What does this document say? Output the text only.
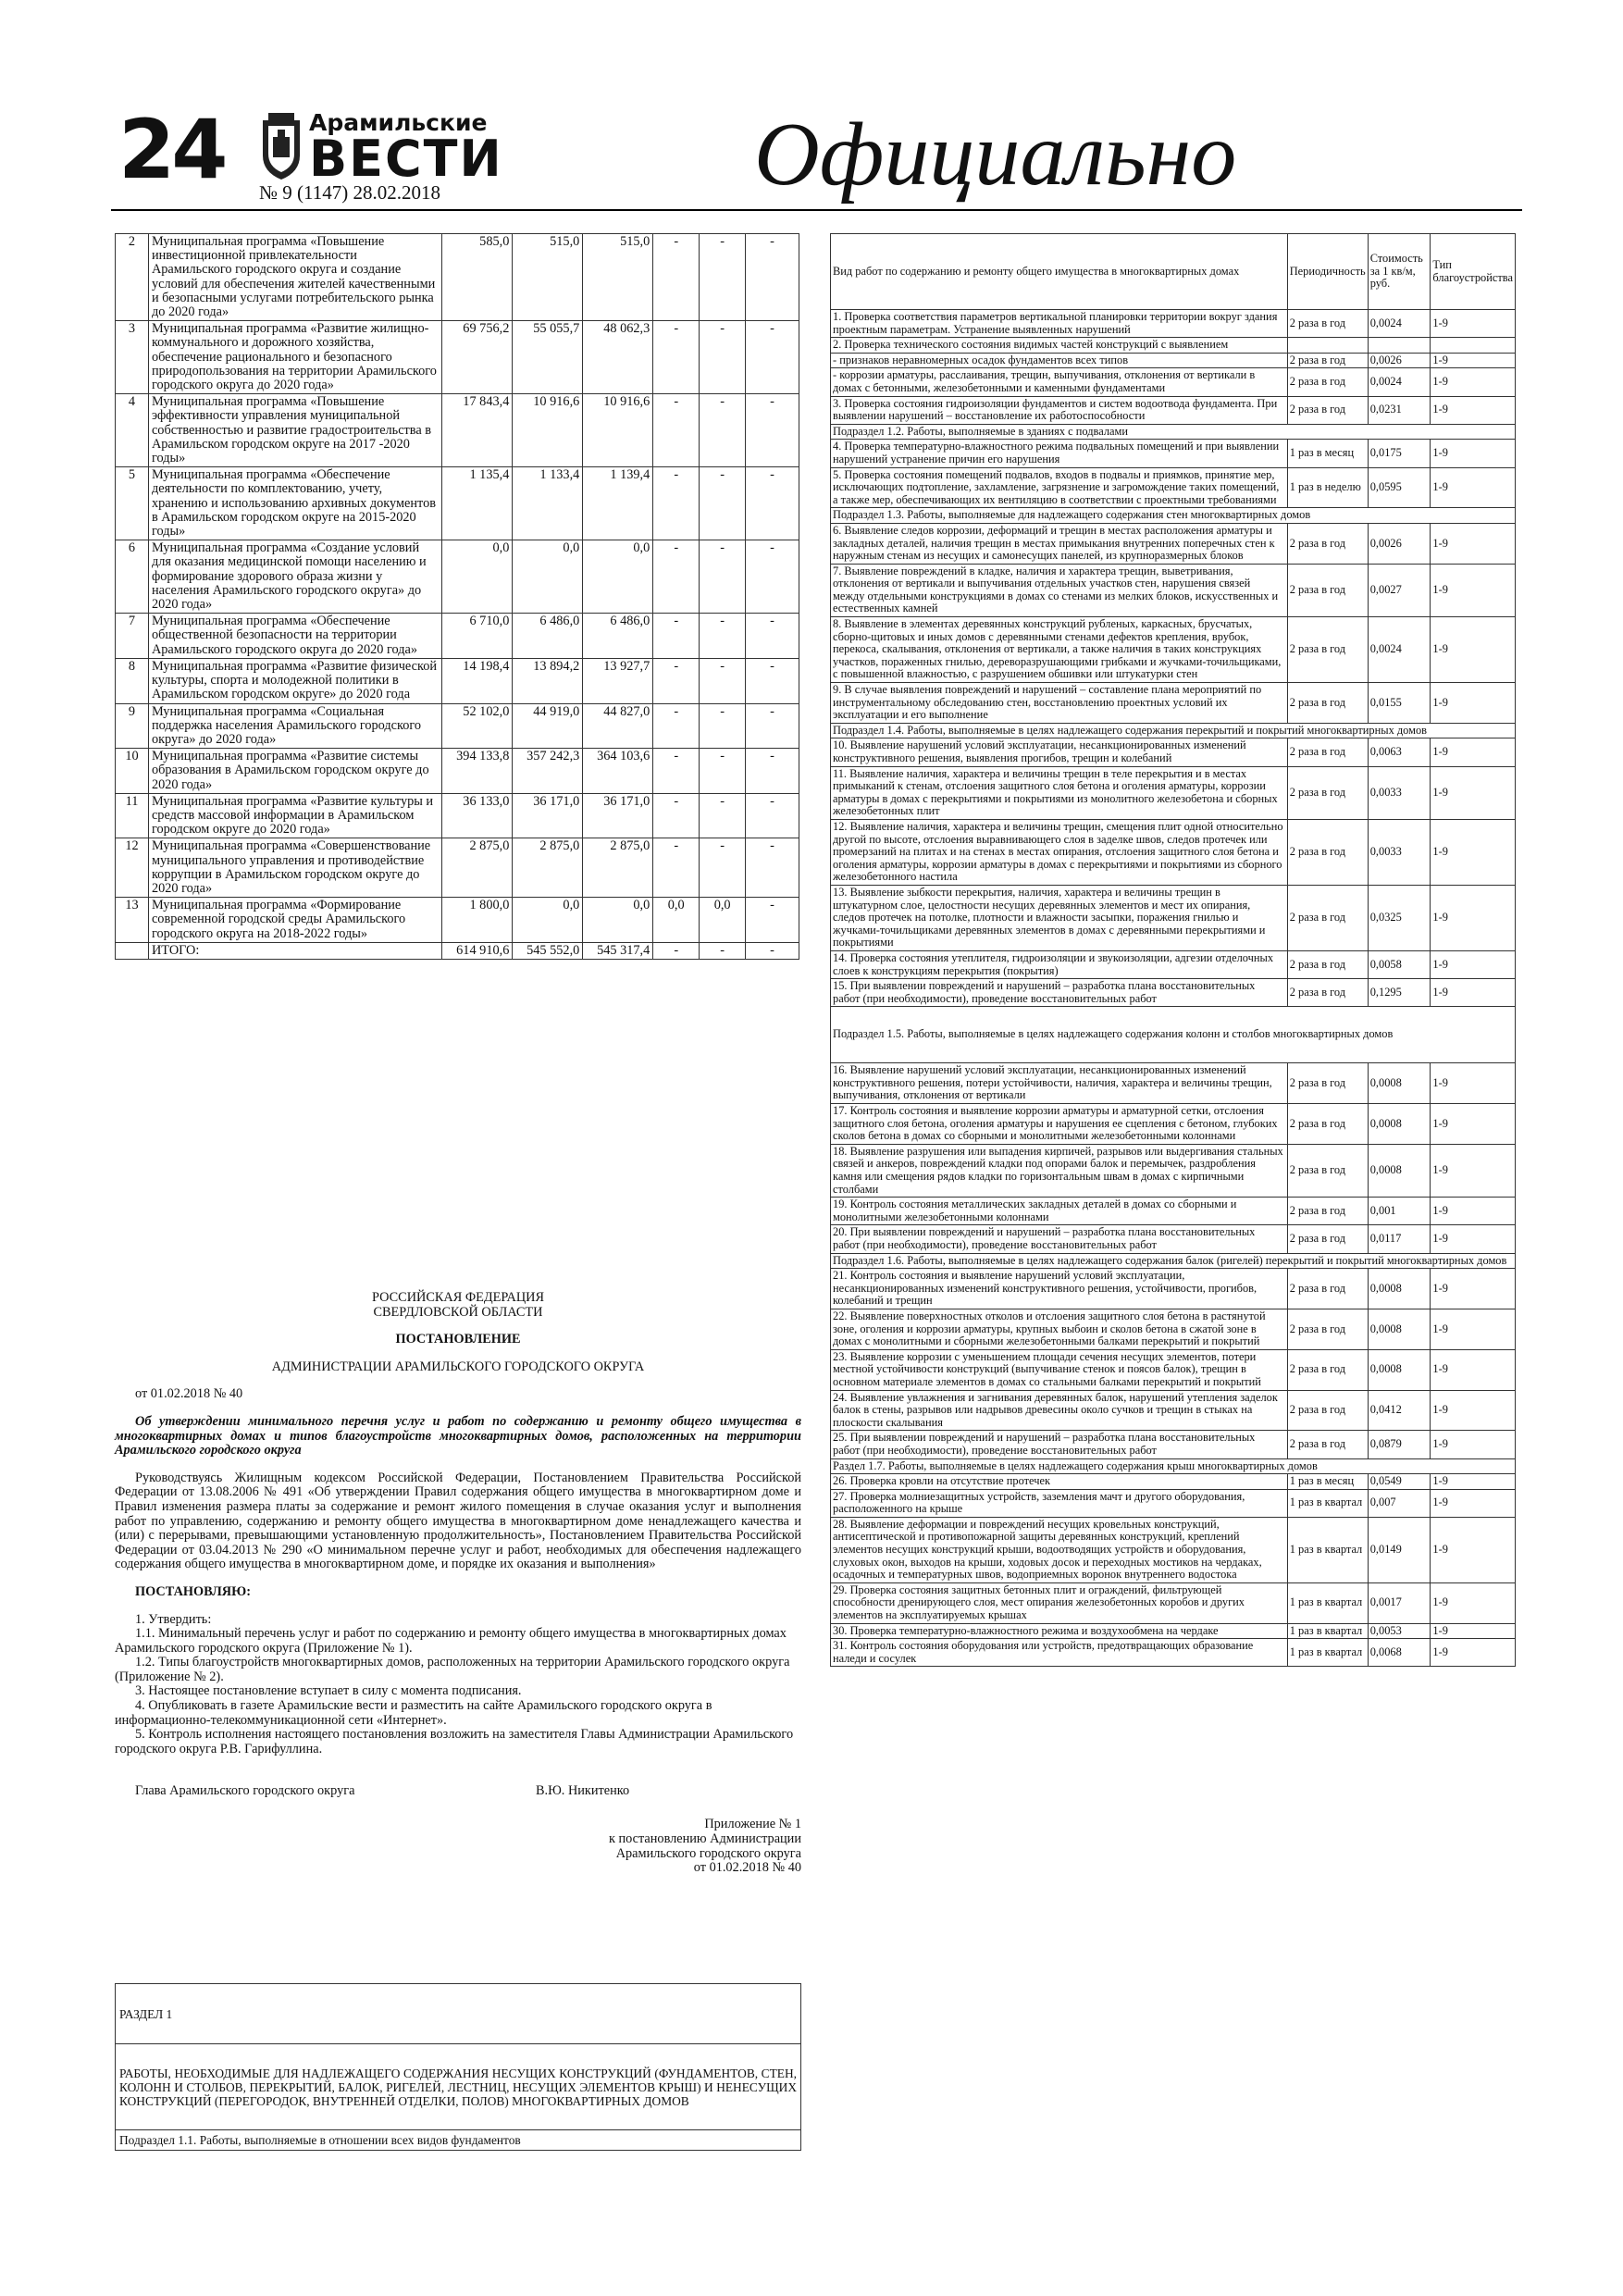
24	Арамильские
ВЕСТИ
№ 9 (1147) 28.02.2018	Официально
2	Муниципальная программа «Повышение инвестиционной привлекательности Арамильского городского округа и создание условий для обеспечения жителей качественными и безопасными услугами потребительского рынка до 2020 года»	585,0	515,0	515,0	-	-	-
3	Муниципальная программа «Развитие жилищно-коммунального и дорожного хозяйства, обеспечение рационального и безопасного природопользования на территории Арамильского городского округа до 2020 года»	69 756,2	55 055,7	48 062,3	-	-	-
4	Муниципальная программа «Повышение эффективности управления муниципальной собственностью и развитие градостроительства в Арамильском городском округе на 2017 -2020 годы»	17 843,4	10 916,6	10 916,6	-	-	-
5	Муниципальная программа «Обеспечение деятельности по комплектованию, учету, хранению и использованию архивных документов в Арамильском городском округе на 2015-2020 годы»	1 135,4	1 133,4	1 139,4	-	-	-
6	Муниципальная программа «Создание условий для оказания медицинской помощи населению и формирование здорового образа жизни у населения Арамильского городского округа» до 2020 года»	0,0	0,0	0,0	-	-	-
7	Муниципальная программа «Обеспечение общественной безопасности на территории Арамильского городского округа до 2020 года»	6 710,0	6 486,0	6 486,0	-	-	-
8	Муниципальная программа «Развитие физической культуры, спорта и молодежной политики в Арамильском городском округе» до 2020 года	14 198,4	13 894,2	13 927,7	-	-	-
9	Муниципальная программа «Социальная поддержка населения Арамильского городского округа» до 2020 года»	52 102,0	44 919,0	44 827,0	-	-	-
10	Муниципальная программа «Развитие системы образования в Арамильском городском округе до 2020 года»	394 133,8	357 242,3	364 103,6	-	-	-
11	Муниципальная программа «Развитие культуры и средств массовой информации в Арамильском городском округе до 2020 года»	36 133,0	36 171,0	36 171,0	-	-	-
12	Муниципальная программа «Совершенствование муниципального управления и противодействие коррупции в Арамильском городском округе до 2020 года»	2 875,0	2 875,0	2 875,0	-	-	-
13	Муниципальная программа «Формирование современной городской среды Арамильского городского округа на 2018-2022 годы»	1 800,0	0,0	0,0	0,0	0,0	-
	ИТОГО:	614 910,6	545 552,0	545 317,4	-	-	-

РОССИЙСКАЯ ФЕДЕРАЦИЯ

СВЕРДЛОВСКОЙ ОБЛАСТИ

ПОСТАНОВЛЕНИЕ

АДМИНИСТРАЦИИ АРАМИЛЬСКОГО ГОРОДСКОГО ОКРУГА

от 01.02.2018 № 40

Об утверждении минимального перечня услуг и работ по содержанию и ремонту общего имущества в многоквартирных домах и типов благоустройств многоквартирных домов, расположенных на территории Арамильского городского округа

Руководствуясь Жилищным кодексом Российской Федерации, Постановлением Правительства Российской Федерации от 13.08.2006 № 491 «Об утверждении Правил содержания общего имущества в многоквартирном доме и Правил изменения размера платы за содержание и ремонт жилого помещения в случае оказания услуг и выполнения работ по управлению, содержанию и ремонту общего имущества в многоквартирном доме ненадлежащего качества и (или) с перерывами, превышающими установленную продолжительность», Постановлением Правительства Российской Федерации от 03.04.2013 № 290 «О минимальном перечне услуг и работ, необходимых для обеспечения надлежащего содержания общего имущества в многоквартирном доме, и порядке их оказания и выполнения»

ПОСТАНОВЛЯЮ:

1. Утвердить:

1.1. Минимальный перечень услуг и работ по содержанию и ремонту общего имущества в многоквартирных домах Арамильского городского округа (Приложение № 1).

1.2. Типы благоустройств многоквартирных домов, расположенных на территории Арамильского городского округа (Приложение № 2).

3. Настоящее постановление вступает в силу с момента подписания.

4. Опубликовать в газете Арамильские вести и разместить на сайте Арамильского городского округа в информационно-телекоммуникационной сети «Интернет».

5. Контроль исполнения настоящего постановления возложить на заместителя Главы Администрации Арамильского городского округа Р.В. Гарифуллина.

Глава Арамильского городского округа	В.Ю. Никитенко

Приложение № 1

к постановлению Администрации

Арамильского городского округа

от 01.02.2018 № 40

РАЗДЕЛ 1
РАБОТЫ, НЕОБХОДИМЫЕ ДЛЯ НАДЛЕЖАЩЕГО СОДЕРЖАНИЯ НЕСУЩИХ КОНСТРУКЦИЙ (ФУНДАМЕНТОВ, СТЕН, КОЛОНН И СТОЛБОВ, ПЕРЕКРЫТИЙ, БАЛОК, РИГЕЛЕЙ, ЛЕСТНИЦ, НЕСУЩИХ ЭЛЕМЕНТОВ КРЫШ) И НЕНЕСУЩИХ КОНСТРУКЦИЙ (ПЕРЕГОРОДОК, ВНУТРЕННЕЙ ОТДЕЛКИ, ПОЛОВ) МНОГОКВАРТИРНЫХ ДОМОВ
Подраздел 1.1. Работы, выполняемые в отношении всех видов фундаментов
Вид работ по содержанию и ремонту общего имущества в многоквартирных домах	Периодичность	Стоимость за 1 кв/м, руб.	Тип благоустройства
1. Проверка соответствия параметров вертикальной планировки территории вокруг здания проектным параметрам. Устранение выявленных нарушений	2 раза в год	0,0024	1-9
2. Проверка технического состояния видимых частей конструкций с выявлением			
- признаков неравномерных осадок фундаментов всех типов	2 раза в год	0,0026	1-9
- коррозии арматуры, расслаивания, трещин, выпучивания, отклонения от вертикали в домах с бетонными, железобетонными и каменными фундаментами	2 раза в год	0,0024	1-9
3. Проверка состояния гидроизоляции фундаментов и систем водоотвода фундамента. При выявлении нарушений – восстановление их работоспособности	2 раза в год	0,0231	1-9
Подраздел 1.2. Работы, выполняемые в зданиях с подвалами			
4. Проверка температурно-влажностного режима подвальных помещений и при выявлении нарушений устранение причин его нарушения	1 раз в месяц	0,0175	1-9
5. Проверка состояния помещений подвалов, входов в подвалы и приямков, принятие мер, исключающих подтопление, захламление, загрязнение и загромождение таких помещений, а также мер, обеспечивающих их вентиляцию в соответствии с проектными требованиями	1 раз в неделю	0,0595	1-9
Подраздел 1.3. Работы, выполняемые для надлежащего содержания стен многоквартирных домов			
6. Выявление следов коррозии, деформаций и трещин в местах расположения арматуры и закладных деталей, наличия трещин в местах примыкания внутренних поперечных стен к наружным стенам из несущих и самонесущих панелей, из крупноразмерных блоков	2 раза в год	0,0026	1-9
7. Выявление повреждений в кладке, наличия и характера трещин, выветривания, отклонения от вертикали и выпучивания отдельных участков стен, нарушения связей между отдельными конструкциями в домах со стенами из мелких блоков, искусственных и естественных камней	2 раза в год	0,0027	1-9
8. Выявление в элементах деревянных конструкций рубленых, каркасных, брусчатых, сборно-щитовых и иных домов с деревянными стенами дефектов крепления, врубок, перекоса, скалывания, отклонения от вертикали, а также наличия в таких конструкциях участков, пораженных гнилью, дереворазрушающими грибками и жучками-точильщиками, с повышенной влажностью, с разрушением обшивки или штукатурки стен	2 раза в год	0,0024	1-9
9. В случае выявления повреждений и нарушений – составление плана мероприятий по инструментальному обследованию стен, восстановлению проектных условий их эксплуатации и его выполнение	2 раза в год	0,0155	1-9
Подраздел 1.4. Работы, выполняемые в целях надлежащего содержания перекрытий и покрытий многоквартирных домов			
10. Выявление нарушений условий эксплуатации, несанкционированных изменений конструктивного решения, выявления прогибов, трещин и колебаний	2 раза в год	0,0063	1-9
11. Выявление наличия, характера и величины трещин в теле перекрытия и в местах примыканий к стенам, отслоения защитного слоя бетона и оголения арматуры, коррозии арматуры в домах с перекрытиями и покрытиями из монолитного железобетона и сборных железобетонных плит	2 раза в год	0,0033	1-9
12. Выявление наличия, характера и величины трещин, смещения плит одной относительно другой по высоте, отслоения выравнивающего слоя в заделке швов, следов протечек или промерзаний на плитах и на стенах в местах опирания, отслоения защитного слоя бетона и оголения арматуры, коррозии арматуры в домах с перекрытиями и покрытиями из сборного железобетонного настила	2 раза в год	0,0033	1-9
13. Выявление зыбкости перекрытия, наличия, характера и величины трещин в штукатурном слое, целостности несущих деревянных элементов и мест их опирания, следов протечек на потолке, плотности и влажности засыпки, поражения гнилью и жучками-точильщиками деревянных элементов в домах с деревянными перекрытиями и покрытиями	2 раза в год	0,0325	1-9
14. Проверка состояния утеплителя, гидроизоляции и звукоизоляции, адгезии отделочных слоев к конструкциям перекрытия (покрытия)	2 раза в год	0,0058	1-9
15. При выявлении повреждений и нарушений – разработка плана восстановительных работ (при необходимости), проведение восстановительных работ	2 раза в год	0,1295	1-9
Подраздел 1.5. Работы, выполняемые в целях надлежащего содержания колонн и столбов многоквартирных домов			
16. Выявление нарушений условий эксплуатации, несанкционированных изменений конструктивного решения, потери устойчивости, наличия, характера и величины трещин, выпучивания, отклонения от вертикали	2 раза в год	0,0008	1-9
17. Контроль состояния и выявление коррозии арматуры и арматурной сетки, отслоения защитного слоя бетона, оголения арматуры и нарушения ее сцепления с бетоном, глубоких сколов бетона в домах со сборными и монолитными железобетонными колоннами	2 раза в год	0,0008	1-9
18. Выявление разрушения или выпадения кирпичей, разрывов или выдергивания стальных связей и анкеров, повреждений кладки под опорами балок и перемычек, раздробления камня или смещения рядов кладки по горизонтальным швам в домах с кирпичными столбами	2 раза в год	0,0008	1-9
19. Контроль состояния металлических закладных деталей в домах со сборными и монолитными железобетонными колоннами	2 раза в год	0,001	1-9
20. При выявлении повреждений и нарушений – разработка плана восстановительных работ (при необходимости), проведение восстановительных работ	2 раза в год	0,0117	1-9
Подраздел 1.6. Работы, выполняемые в целях надлежащего содержания балок (ригелей) перекрытий и покрытий многоквартирных домов			
21. Контроль состояния и выявление нарушений условий эксплуатации, несанкционированных изменений конструктивного решения, устойчивости, прогибов, колебаний и трещин	2 раза в год	0,0008	1-9
22. Выявление поверхностных отколов и отслоения защитного слоя бетона в растянутой зоне, оголения и коррозии арматуры, крупных выбоин и сколов бетона в сжатой зоне в домах с монолитными и сборными железобетонными балками перекрытий и покрытий	2 раза в год	0,0008	1-9
23. Выявление коррозии с уменьшением площади сечения несущих элементов, потери местной устойчивости конструкций (выпучивание стенок и поясов балок), трещин в основном материале элементов в домах со стальными балками перекрытий и покрытий	2 раза в год	0,0008	1-9
24. Выявление увлажнения и загнивания деревянных балок, нарушений утепления заделок балок в стены, разрывов или надрывов древесины около сучков и трещин в стыках на плоскости скалывания	2 раза в год	0,0412	1-9
25. При выявлении повреждений и нарушений – разработка плана восстановительных работ (при необходимости), проведение восстановительных работ	2 раза в год	0,0879	1-9
Раздел 1.7. Работы, выполняемые в целях надлежащего содержания крыш многоквартирных домов			
26. Проверка кровли на отсутствие протечек	1 раз в месяц	0,0549	1-9
27. Проверка молниезащитных устройств, заземления мачт и другого оборудования, расположенного на крыше	1 раз в квартал	0,007	1-9
28. Выявление деформации и повреждений несущих кровельных конструкций, антисептической и противопожарной защиты деревянных конструкций, креплений элементов несущих конструкций крыши, водоотводящих устройств и оборудования, слуховых окон, выходов на крыши, ходовых досок и переходных мостиков на чердаках, осадочных и температурных швов, водоприемных воронок внутреннего водостока	1 раз в квартал	0,0149	1-9
29. Проверка состояния защитных бетонных плит и ограждений, фильтрующей способности дренирующего слоя, мест опирания железобетонных коробов и других элементов на эксплуатируемых крышах	1 раз в квартал	0,0017	1-9
30. Проверка температурно-влажностного режима и воздухообмена на чердаке	1 раз в квартал	0,0053	1-9
31. Контроль состояния оборудования или устройств, предотвращающих образование наледи и сосулек	1 раз в квартал	0,0068	1-9
